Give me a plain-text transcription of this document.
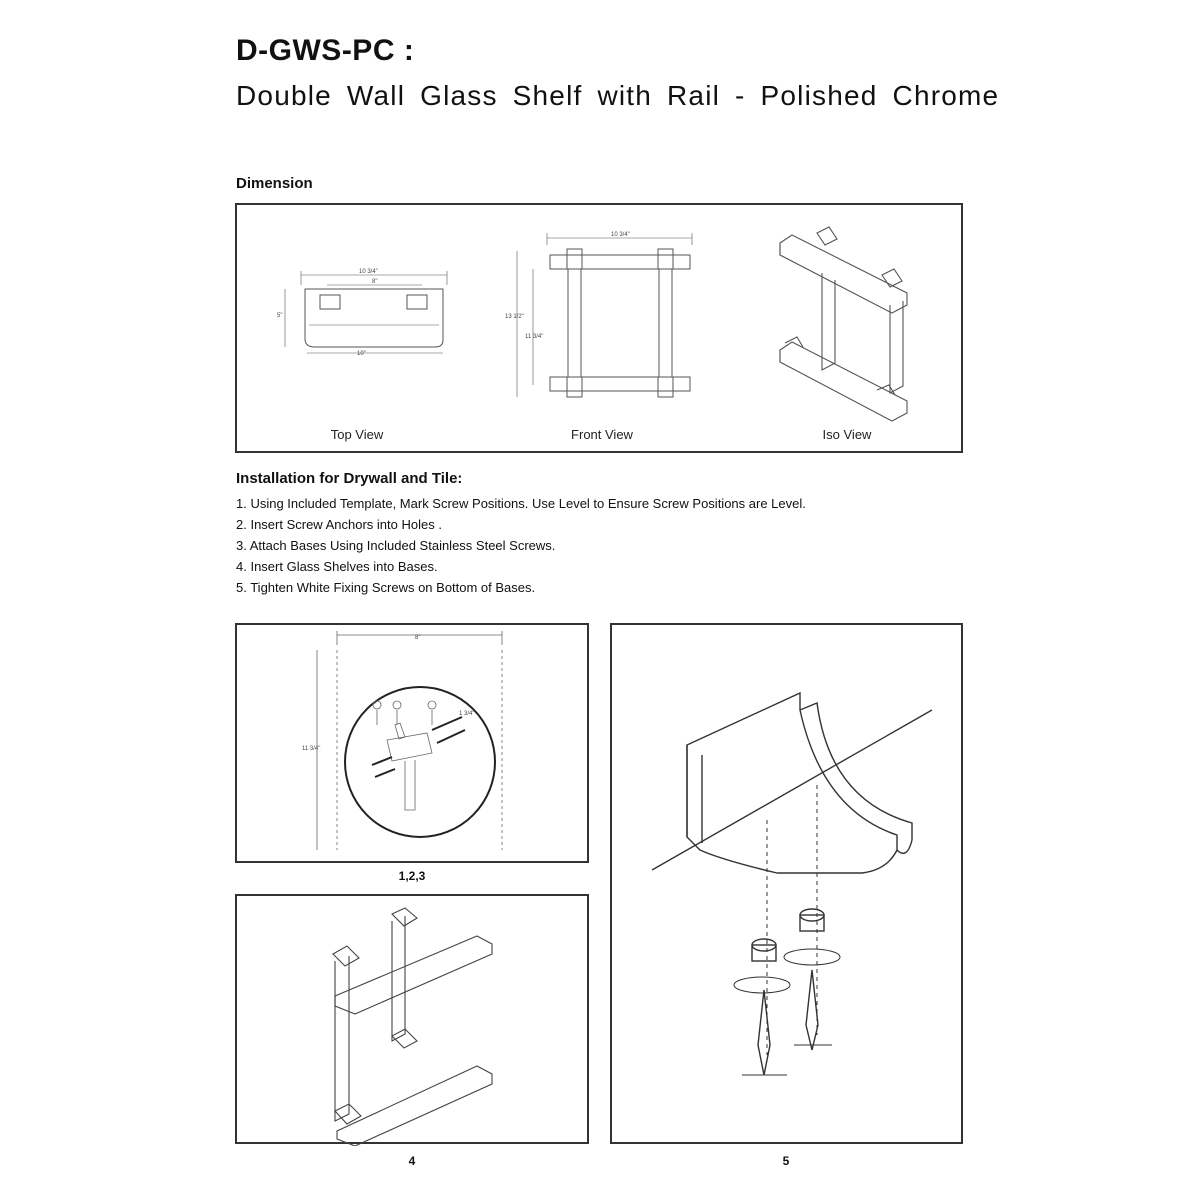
D-GWS-PC :
Double Wall Glass Shelf with Rail - Polished Chrome
Dimension
10 3/4"
8"
5"
10"
10 3/4"
13 1/2"
11 3/4"
Top View	Front View	Iso View
Installation for Drywall and Tile:
1. Using Included Template, Mark Screw Positions. Use Level to Ensure Screw Positions are Level.
2. Insert Screw Anchors into Holes .
3. Attach Bases Using Included Stainless Steel Screws.
4. Insert Glass Shelves into Bases.
5. Tighten White Fixing Screws on Bottom of Bases.
8"
11 3/4"
1 3/4"
1,2,3
4	5
